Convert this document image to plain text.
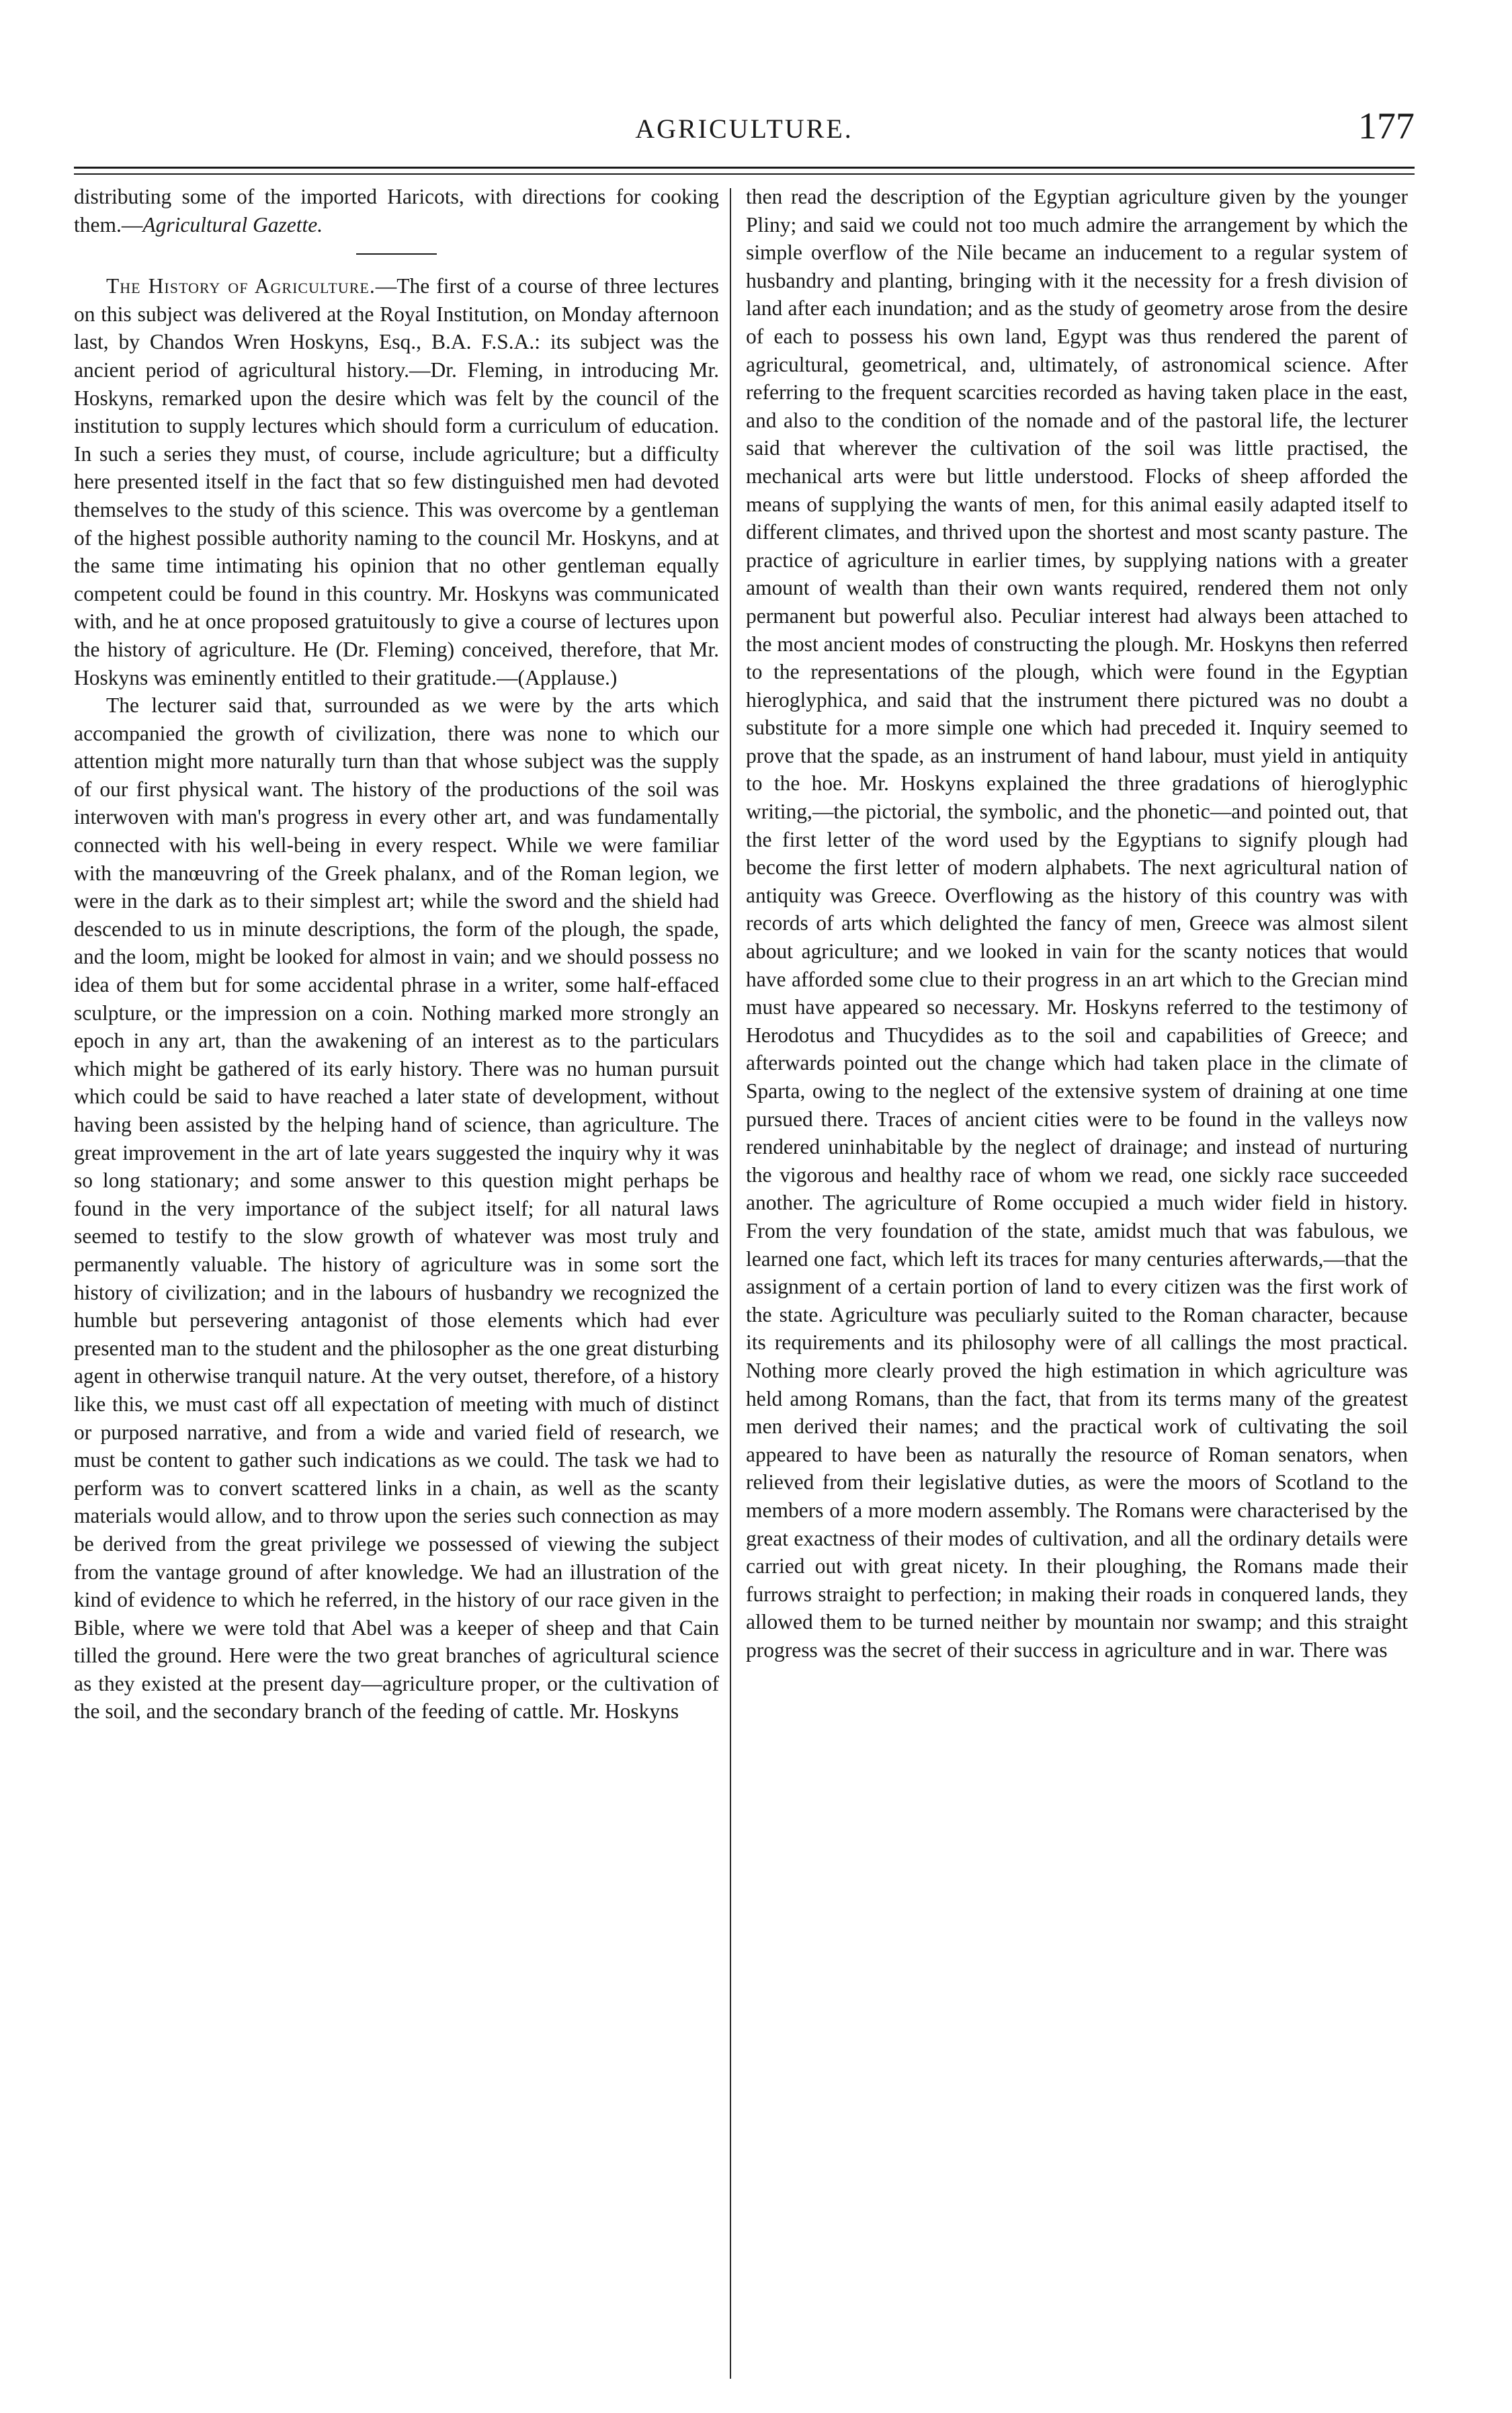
AGRICULTURE.	177

distributing some of the imported Haricots, with directions for cooking them.—Agricultural Gazette.

The History of Agriculture.—The first of a course of three lectures on this subject was delivered at the Royal Institution, on Monday afternoon last, by Chandos Wren Hoskyns, Esq., B.A. F.S.A.: its subject was the ancient period of agricultural history.—Dr. Fleming, in introducing Mr. Hoskyns, remarked upon the desire which was felt by the council of the institution to supply lectures which should form a curriculum of education. In such a series they must, of course, include agriculture; but a difficulty here presented itself in the fact that so few distinguished men had devoted themselves to the study of this science. This was overcome by a gentleman of the highest possible authority naming to the council Mr. Hoskyns, and at the same time intimating his opinion that no other gentleman equally competent could be found in this country. Mr. Hoskyns was communicated with, and he at once proposed gratuitously to give a course of lectures upon the history of agriculture. He (Dr. Fleming) conceived, therefore, that Mr. Hoskyns was eminently entitled to their gratitude.—(Applause.)

The lecturer said that, surrounded as we were by the arts which accompanied the growth of civilization, there was none to which our attention might more naturally turn than that whose subject was the supply of our first physical want. The history of the productions of the soil was interwoven with man's progress in every other art, and was fundamentally connected with his well-being in every respect. While we were familiar with the manœuvring of the Greek phalanx, and of the Roman legion, we were in the dark as to their simplest art; while the sword and the shield had descended to us in minute descriptions, the form of the plough, the spade, and the loom, might be looked for almost in vain; and we should possess no idea of them but for some accidental phrase in a writer, some half-effaced sculpture, or the impression on a coin. Nothing marked more strongly an epoch in any art, than the awakening of an interest as to the particulars which might be gathered of its early history. There was no human pursuit which could be said to have reached a later state of development, without having been assisted by the helping hand of science, than agriculture. The great improvement in the art of late years suggested the inquiry why it was so long stationary; and some answer to this question might perhaps be found in the very importance of the subject itself; for all natural laws seemed to testify to the slow growth of whatever was most truly and permanently valuable. The history of agriculture was in some sort the history of civilization; and in the labours of husbandry we recognized the humble but persevering antagonist of those elements which had ever presented man to the student and the philosopher as the one great disturbing agent in otherwise tranquil nature. At the very outset, therefore, of a history like this, we must cast off all expectation of meeting with much of distinct or purposed narrative, and from a wide and varied field of research, we must be content to gather such indications as we could. The task we had to perform was to convert scattered links in a chain, as well as the scanty materials would allow, and to throw upon the series such connection as may be derived from the great privilege we possessed of viewing the subject from the vantage ground of after knowledge. We had an illustration of the kind of evidence to which he referred, in the history of our race given in the Bible, where we were told that Abel was a keeper of sheep and that Cain tilled the ground. Here were the two great branches of agricultural science as they existed at the present day—agriculture proper, or the cultivation of the soil, and the secondary branch of the feeding of cattle. Mr. Hoskyns

then read the description of the Egyptian agriculture given by the younger Pliny; and said we could not too much admire the arrangement by which the simple overflow of the Nile became an inducement to a regular system of husbandry and planting, bringing with it the necessity for a fresh division of land after each inundation; and as the study of geometry arose from the desire of each to possess his own land, Egypt was thus rendered the parent of agricultural, geometrical, and, ultimately, of astronomical science. After referring to the frequent scarcities recorded as having taken place in the east, and also to the condition of the nomade and of the pastoral life, the lecturer said that wherever the cultivation of the soil was little practised, the mechanical arts were but little understood. Flocks of sheep afforded the means of supplying the wants of men, for this animal easily adapted itself to different climates, and thrived upon the shortest and most scanty pasture. The practice of agriculture in earlier times, by supplying nations with a greater amount of wealth than their own wants required, rendered them not only permanent but powerful also. Peculiar interest had always been attached to the most ancient modes of constructing the plough. Mr. Hoskyns then referred to the representations of the plough, which were found in the Egyptian hieroglyphica, and said that the instrument there pictured was no doubt a substitute for a more simple one which had preceded it. Inquiry seemed to prove that the spade, as an instrument of hand labour, must yield in antiquity to the hoe. Mr. Hoskyns explained the three gradations of hieroglyphic writing,—the pictorial, the symbolic, and the phonetic—and pointed out, that the first letter of the word used by the Egyptians to signify plough had become the first letter of modern alphabets. The next agricultural nation of antiquity was Greece. Overflowing as the history of this country was with records of arts which delighted the fancy of men, Greece was almost silent about agriculture; and we looked in vain for the scanty notices that would have afforded some clue to their progress in an art which to the Grecian mind must have appeared so necessary. Mr. Hoskyns referred to the testimony of Herodotus and Thucydides as to the soil and capabilities of Greece; and afterwards pointed out the change which had taken place in the climate of Sparta, owing to the neglect of the extensive system of draining at one time pursued there. Traces of ancient cities were to be found in the valleys now rendered uninhabitable by the neglect of drainage; and instead of nurturing the vigorous and healthy race of whom we read, one sickly race succeeded another. The agriculture of Rome occupied a much wider field in history. From the very foundation of the state, amidst much that was fabulous, we learned one fact, which left its traces for many centuries afterwards,—that the assignment of a certain portion of land to every citizen was the first work of the state. Agriculture was peculiarly suited to the Roman character, because its requirements and its philosophy were of all callings the most practical. Nothing more clearly proved the high estimation in which agriculture was held among Romans, than the fact, that from its terms many of the greatest men derived their names; and the practical work of cultivating the soil appeared to have been as naturally the resource of Roman senators, when relieved from their legislative duties, as were the moors of Scotland to the members of a more modern assembly. The Romans were characterised by the great exactness of their modes of cultivation, and all the ordinary details were carried out with great nicety. In their ploughing, the Romans made their furrows straight to perfection; in making their roads in conquered lands, they allowed them to be turned neither by mountain nor swamp; and this straight progress was the secret of their success in agriculture and in war. There was
